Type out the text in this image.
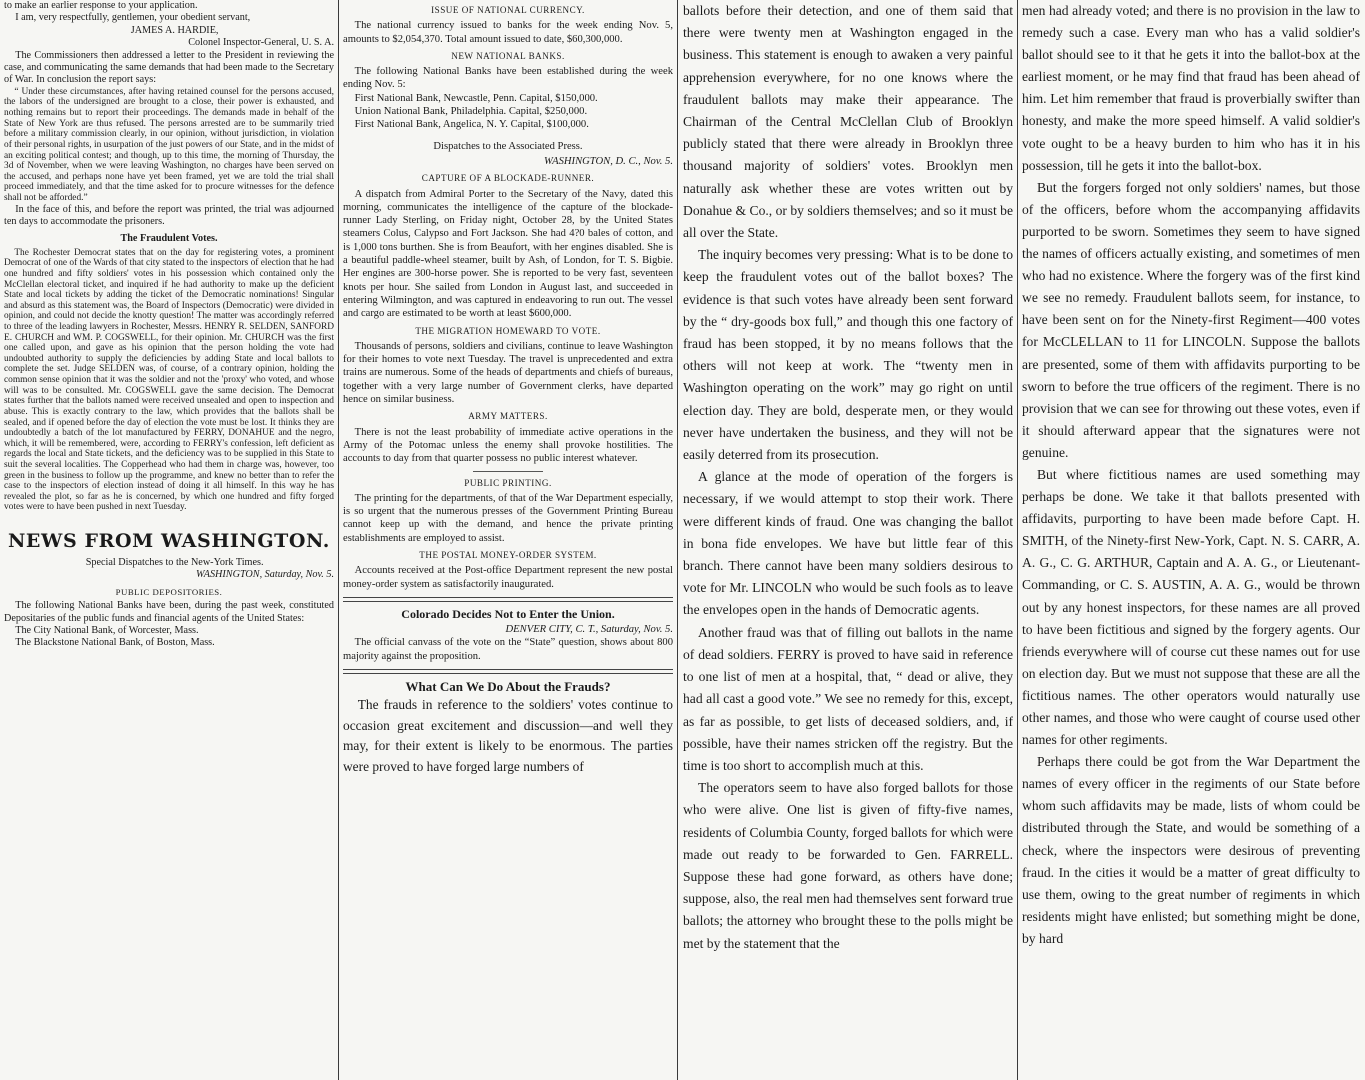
to make an earlier response to your application.

I am, very respectfully, gentlemen, your obedient servant,

JAMES A. HARDIE,

Colonel Inspector-General, U. S. A.

The Commissioners then addressed a letter to the President in reviewing the case, and communicating the same demands that had been made to the Secretary of War. In conclusion the report says:

“ Under these circumstances, after having retained counsel for the persons accused, the labors of the undersigned are brought to a close, their power is exhausted, and nothing remains but to report their proceedings. The demands made in behalf of the State of New York are thus refused. The persons arrested are to be summarily tried before a military commission clearly, in our opinion, without jurisdiction, in violation of their personal rights, in usurpation of the just powers of our State, and in the midst of an exciting political contest; and though, up to this time, the morning of Thursday, the 3d of November, when we were leaving Washington, no charges have been served on the accused, and perhaps none have yet been framed, yet we are told the trial shall proceed immediately, and that the time asked for to procure witnesses for the defence shall not be afforded.”

In the face of this, and before the report was printed, the trial was adjourned ten days to accommodate the prisoners.

The Fraudulent Votes.

The Rochester Democrat states that on the day for registering votes, a prominent Democrat of one of the Wards of that city stated to the inspectors of election that he had one hundred and fifty soldiers' votes in his possession which contained only the McClellan electoral ticket, and inquired if he had authority to make up the deficient State and local tickets by adding the ticket of the Democratic nominations! Singular and absurd as this statement was, the Board of Inspectors (Democratic) were divided in opinion, and could not decide the knotty question! The matter was accordingly referred to three of the leading lawyers in Rochester, Messrs. HENRY R. SELDEN, SANFORD E. CHURCH and WM. P. COGSWELL, for their opinion. Mr. CHURCH was the first one called upon, and gave as his opinion that the person holding the vote had undoubted authority to supply the deficiencies by adding State and local ballots to complete the set. Judge SELDEN was, of course, of a contrary opinion, holding the common sense opinion that it was the soldier and not the 'proxy' who voted, and whose will was to be consulted. Mr. COGSWELL gave the same decision. The Democrat states further that the ballots named were received unsealed and open to inspection and abuse. This is exactly contrary to the law, which provides that the ballots shall be sealed, and if opened before the day of election the vote must be lost. It thinks they are undoubtedly a batch of the lot manufactured by FERRY, DONAHUE and the negro, which, it will be remembered, were, according to FERRY's confession, left deficient as regards the local and State tickets, and the deficiency was to be supplied in this State to suit the several localities. The Copperhead who had them in charge was, however, too green in the business to follow up the programme, and knew no better than to refer the case to the inspectors of election instead of doing it all himself. In this way he has revealed the plot, so far as he is concerned, by which one hundred and fifty forged votes were to have been pushed in next Tuesday.

NEWS FROM WASHINGTON.

Special Dispatches to the New-York Times.

WASHINGTON, Saturday, Nov. 5.

PUBLIC DEPOSITORIES.

The following National Banks have been, during the past week, constituted Depositaries of the public funds and financial agents of the United States:

The City National Bank, of Worcester, Mass.

The Blackstone National Bank, of Boston, Mass.

ISSUE OF NATIONAL CURRENCY.

The national currency issued to banks for the week ending Nov. 5, amounts to $2,054,370. Total amount issued to date, $60,300,000.

NEW NATIONAL BANKS.

The following National Banks have been established during the week ending Nov. 5:

First National Bank, Newcastle, Penn. Capital, $150,000.

Union National Bank, Philadelphia. Capital, $250,000.

First National Bank, Angelica, N. Y. Capital, $100,000.

Dispatches to the Associated Press.

WASHINGTON, D. C., Nov. 5.

CAPTURE OF A BLOCKADE-RUNNER.

A dispatch from Admiral Porter to the Secretary of the Navy, dated this morning, communicates the intelligence of the capture of the blockade-runner Lady Sterling, on Friday night, October 28, by the United States steamers Colus, Calypso and Fort Jackson. She had 4?0 bales of cotton, and is 1,000 tons burthen. She is from Beaufort, with her engines disabled. She is a beautiful paddle-wheel steamer, built by Ash, of London, for T. S. Bigbie. Her engines are 300-horse power. She is reported to be very fast, seventeen knots per hour. She sailed from London in August last, and succeeded in entering Wilmington, and was captured in endeavoring to run out. The vessel and cargo are estimated to be worth at least $600,000.

THE MIGRATION HOMEWARD TO VOTE.

Thousands of persons, soldiers and civilians, continue to leave Washington for their homes to vote next Tuesday. The travel is unprecedented and extra trains are numerous. Some of the heads of departments and chiefs of bureaus, together with a very large number of Government clerks, have departed hence on similar business.

ARMY MATTERS.

There is not the least probability of immediate active operations in the Army of the Potomac unless the enemy shall provoke hostilities. The accounts to day from that quarter possess no public interest whatever.

PUBLIC PRINTING.

The printing for the departments, of that of the War Department especially, is so urgent that the numerous presses of the Government Printing Bureau cannot keep up with the demand, and hence the private printing establishments are employed to assist.

THE POSTAL MONEY-ORDER SYSTEM.

Accounts received at the Post-office Department represent the new postal money-order system as satisfactorily inaugurated.

Colorado Decides Not to Enter the Union.

DENVER CITY, C. T., Saturday, Nov. 5.

The official canvass of the vote on the “State” question, shows about 800 majority against the proposition.

What Can We Do About the Frauds?

The frauds in reference to the soldiers' votes continue to occasion great excitement and discussion—and well they may, for their extent is likely to be enormous. The parties were proved to have forged large numbers of

ballots before their detection, and one of them said that there were twenty men at Washington engaged in the business. This statement is enough to awaken a very painful apprehension everywhere, for no one knows where the fraudulent ballots may make their appearance. The Chairman of the Central McClellan Club of Brooklyn publicly stated that there were already in Brooklyn three thousand majority of soldiers' votes. Brooklyn men naturally ask whether these are votes written out by Donahue & Co., or by soldiers themselves; and so it must be all over the State.

The inquiry becomes very pressing: What is to be done to keep the fraudulent votes out of the ballot boxes? The evidence is that such votes have already been sent forward by the “ dry-goods box full,” and though this one factory of fraud has been stopped, it by no means follows that the others will not keep at work. The “twenty men in Washington operating on the work” may go right on until election day. They are bold, desperate men, or they would never have undertaken the business, and they will not be easily deterred from its prosecution.

A glance at the mode of operation of the forgers is necessary, if we would attempt to stop their work. There were different kinds of fraud. One was changing the ballot in bona fide envelopes. We have but little fear of this branch. There cannot have been many soldiers desirous to vote for Mr. LINCOLN who would be such fools as to leave the envelopes open in the hands of Democratic agents.

Another fraud was that of filling out ballots in the name of dead soldiers. FERRY is proved to have said in reference to one list of men at a hospital, that, “ dead or alive, they had all cast a good vote.” We see no remedy for this, except, as far as possible, to get lists of deceased soldiers, and, if possible, have their names stricken off the registry. But the time is too short to accomplish much at this.

The operators seem to have also forged ballots for those who were alive. One list is given of fifty-five names, residents of Columbia County, forged ballots for which were made out ready to be forwarded to Gen. FARRELL. Suppose these had gone forward, as others have done; suppose, also, the real men had themselves sent forward true ballots; the attorney who brought these to the polls might be met by the statement that the

men had already voted; and there is no provision in the law to remedy such a case. Every man who has a valid soldier's ballot should see to it that he gets it into the ballot-box at the earliest moment, or he may find that fraud has been ahead of him. Let him remember that fraud is proverbially swifter than honesty, and make the more speed himself. A valid soldier's vote ought to be a heavy burden to him who has it in his possession, till he gets it into the ballot-box.

But the forgers forged not only soldiers' names, but those of the officers, before whom the accompanying affidavits purported to be sworn. Sometimes they seem to have signed the names of officers actually existing, and sometimes of men who had no existence. Where the forgery was of the first kind we see no remedy. Fraudulent ballots seem, for instance, to have been sent on for the Ninety-first Regiment—400 votes for McCLELLAN to 11 for LINCOLN. Suppose the ballots are presented, some of them with affidavits purporting to be sworn to before the true officers of the regiment. There is no provision that we can see for throwing out these votes, even if it should afterward appear that the signatures were not genuine.

But where fictitious names are used something may perhaps be done. We take it that ballots presented with affidavits, purporting to have been made before Capt. H. SMITH, of the Ninety-first New-York, Capt. N. S. CARR, A. A. G., C. G. ARTHUR, Captain and A. A. G., or Lieutenant-Commanding, or C. S. AUSTIN, A. A. G., would be thrown out by any honest inspectors, for these names are all proved to have been fictitious and signed by the forgery agents. Our friends everywhere will of course cut these names out for use on election day. But we must not suppose that these are all the fictitious names. The other operators would naturally use other names, and those who were caught of course used other names for other regiments.

Perhaps there could be got from the War Department the names of every officer in the regiments of our State before whom such affidavits may be made, lists of whom could be distributed through the State, and would be something of a check, where the inspectors were desirous of preventing fraud. In the cities it would be a matter of great difficulty to use them, owing to the great number of regiments in which residents might have enlisted; but something might be done, by hard
